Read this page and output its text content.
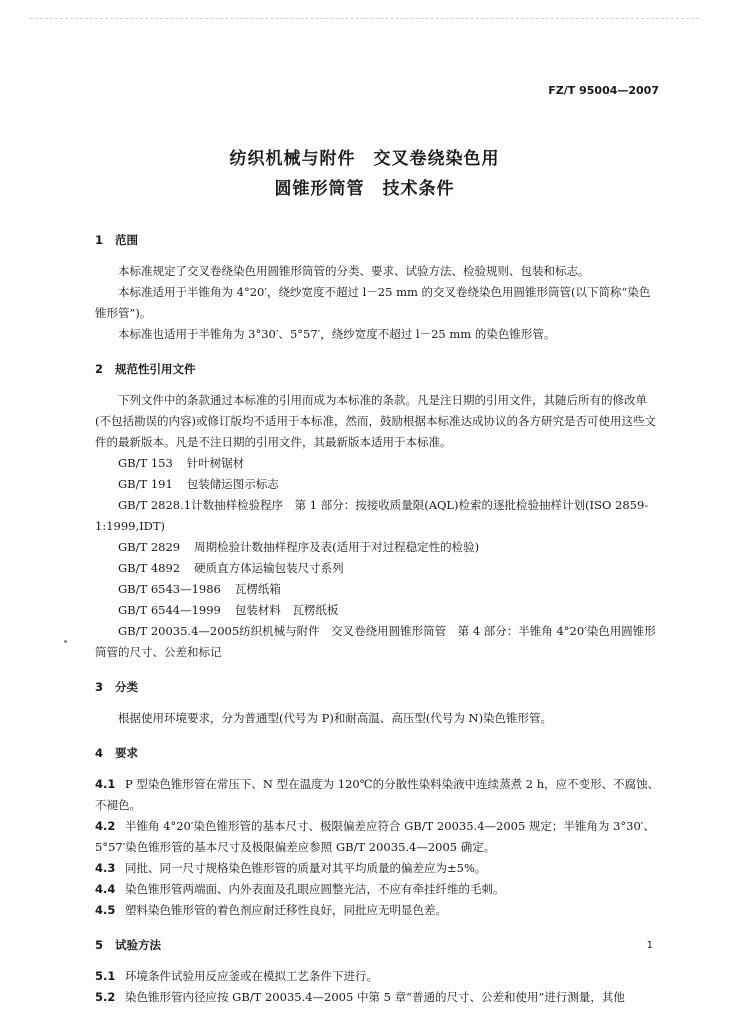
FZ/T 95004—2007
纺织机械与附件 交叉卷绕染色用
圆锥形筒管 技术条件
1 范围

本标准规定了交叉卷绕染色用圆锥形筒管的分类、要求、试验方法、检验规则、包装和标志。

本标准适用于半锥角为 4°20′，绕纱宽度不超过 l－25 mm 的交叉卷绕染色用圆锥形筒管(以下简称“染色锥形管”)。

本标准也适用于半锥角为 3°30′、5°57′，绕纱宽度不超过 l－25 mm 的染色锥形管。

2 规范性引用文件

下列文件中的条款通过本标准的引用而成为本标准的条款。凡是注日期的引用文件，其随后所有的修改单(不包括勘误的内容)或修订版均不适用于本标准，然而，鼓励根据本标准达成协议的各方研究是否可使用这些文件的最新版本。凡是不注日期的引用文件，其最新版本适用于本标准。

GB/T 153 针叶树锯材

GB/T 191 包装储运图示标志

GB/T 2828.1计数抽样检验程序　第 1 部分：按接收质量限(AQL)检索的逐批检验抽样计划(ISO 2859-1:1999,IDT)

GB/T 2829 周期检验计数抽样程序及表(适用于对过程稳定性的检验)

GB/T 4892 硬质直方体运输包装尺寸系列

GB/T 6543—1986 瓦楞纸箱

GB/T 6544—1999 包装材料　瓦楞纸板

GB/T 20035.4—2005纺织机械与附件　交叉卷绕用圆锥形筒管　第 4 部分：半锥角 4°20′染色用圆锥形筒管的尺寸、公差和标记

3 分类

根据使用环境要求，分为普通型(代号为 P)和耐高温、高压型(代号为 N)染色锥形管。

4 要求

4.1 P 型染色锥形管在常压下、N 型在温度为 120℃的分散性染料染液中连续蒸煮 2 h，应不变形、不腐蚀、不褪色。

4.2 半锥角 4°20′染色锥形管的基本尺寸、极限偏差应符合 GB/T 20035.4—2005 规定；半锥角为 3°30′、5°57′染色锥形管的基本尺寸及极限偏差应参照 GB/T 20035.4—2005 确定。

4.3 同批、同一尺寸规格染色锥形管的质量对其平均质量的偏差应为±5%。

4.4 染色锥形管两端面、内外表面及孔眼应圆整光洁，不应有牵挂纤维的毛刺。

4.5 塑料染色锥形管的着色剂应耐迁移性良好，同批应无明显色差。

5 试验方法

5.1 环境条件试验用反应釜或在模拟工艺条件下进行。

5.2 染色锥形管内径应按 GB/T 20035.4—2005 中第 5 章“普通的尺寸、公差和使用”进行测量，其他

1
